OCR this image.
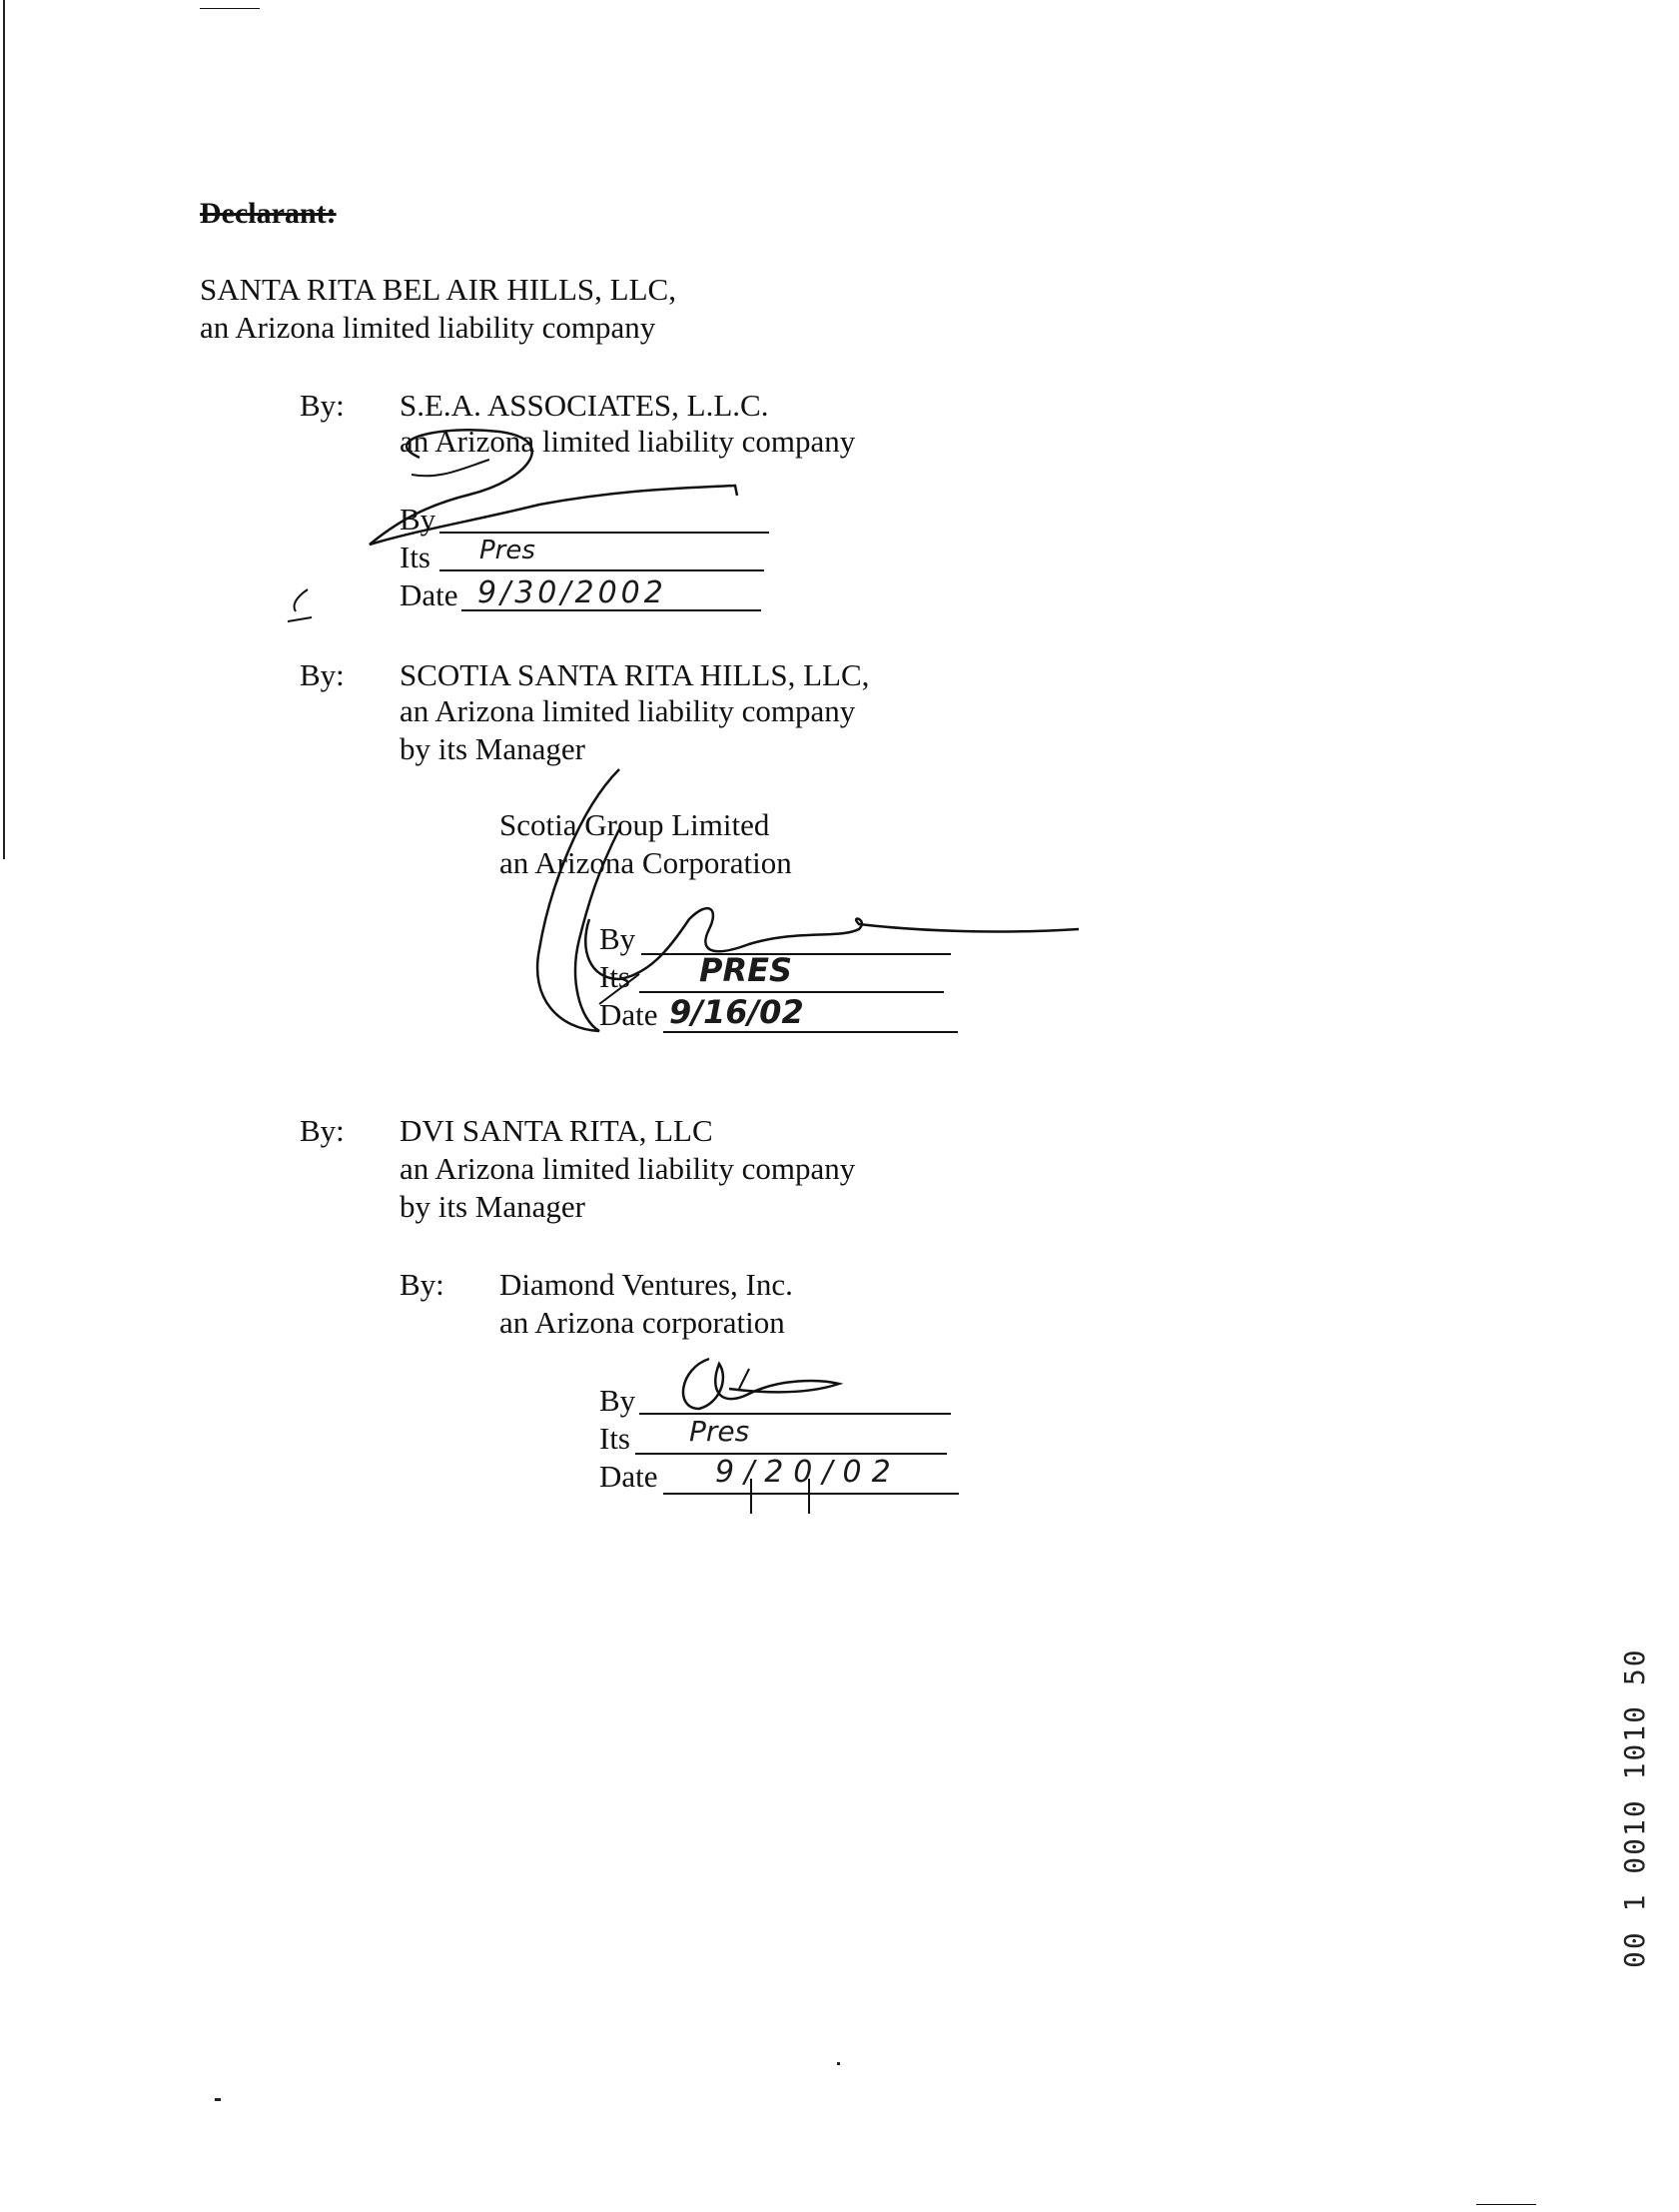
Declarant:
SANTA RITA BEL AIR HILLS, LLC,
an Arizona limited liability company
By: S.E.A. ASSOCIATES, L.L.C.
an Arizona limited liability company
By
Its Pres
Date 9/30/2002
By: SCOTIA SANTA RITA HILLS, LLC,
an Arizona limited liability company
by its Manager
Scotia Group Limited
an Arizona Corporation
By
Its PRES
Date 9/16/02
By: DVI SANTA RITA, LLC
an Arizona limited liability company
by its Manager
By: Diamond Ventures, Inc.
an Arizona corporation
By
Its Pres
Date 9/20/02
00 1 0010 1010 50
